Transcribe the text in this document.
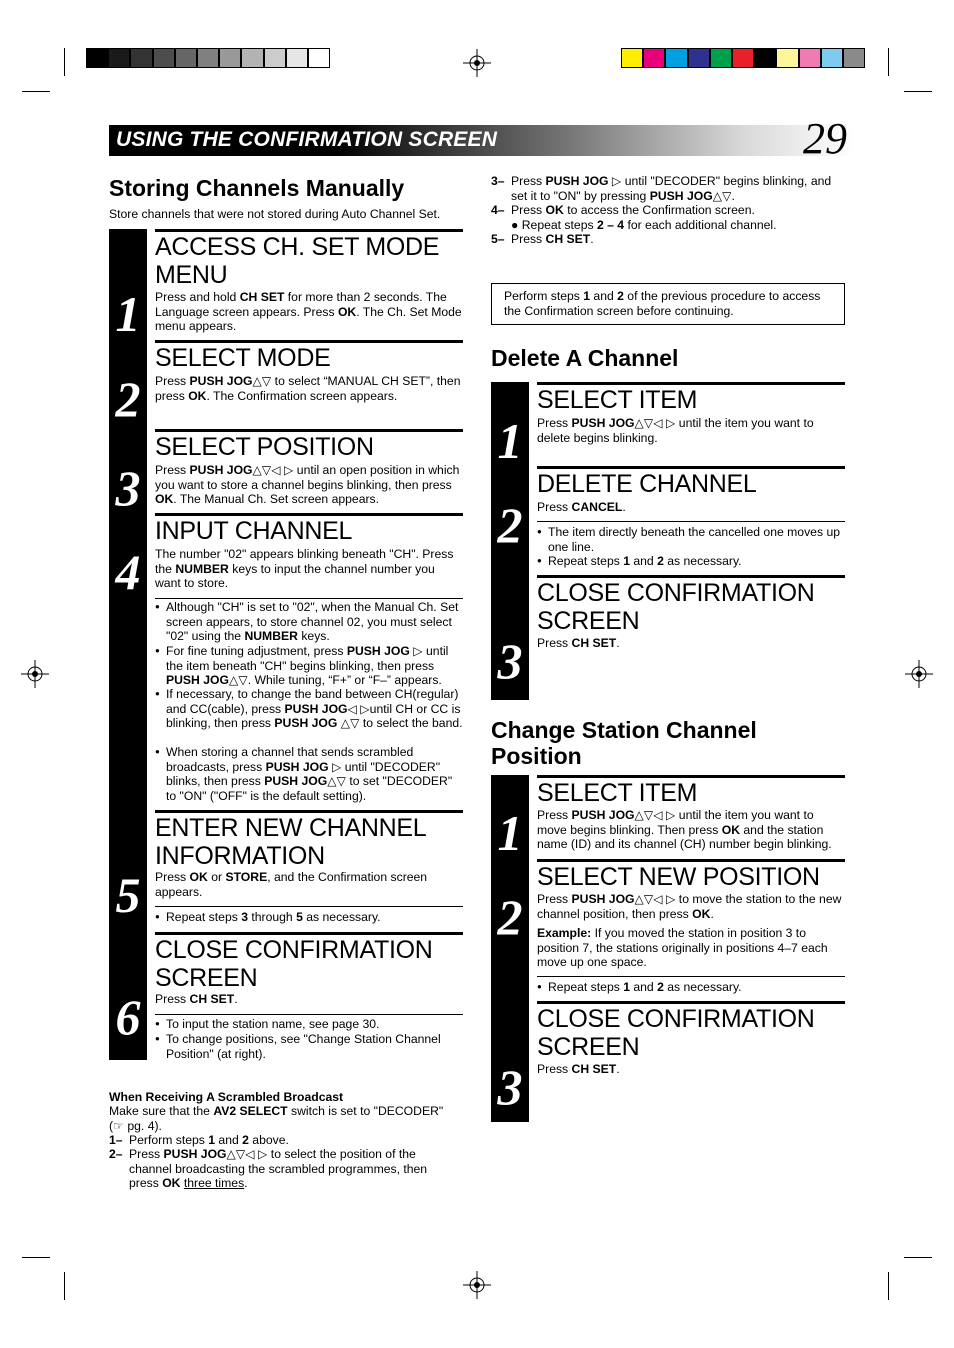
USING THE CONFIRMATION SCREEN	29
Storing Channels Manually
Store channels that were not stored during Auto Channel Set.
ACCESS CH. SET MODE MENU
Press and hold CH SET for more than 2 seconds. The Language screen appears. Press OK. The Ch. Set Mode menu appears.
1
SELECT MODE
Press PUSH JOG△▽ to select “MANUAL CH SET”, then press OK. The Confirmation screen appears.
2
SELECT POSITION
Press PUSH JOG△▽◁ ▷ until an open position in which you want to store a channel begins blinking, then press OK. The Manual Ch. Set screen appears.
3
INPUT CHANNEL
The number "02" appears blinking beneath "CH". Press the NUMBER keys to input the channel number you want to store.
4
● Although "CH" is set to "02", when the Manual Ch. Set screen appears, to store channel 02, you must select "02" using the NUMBER keys.
● For fine tuning adjustment, press PUSH JOG ▷ until the item beneath "CH" begins blinking, then press PUSH JOG△▽. While tuning, “F+” or “F–” appears.
● If necessary, to change the band between CH(regular) and CC(cable), press PUSH JOG◁ ▷until CH or CC is blinking, then press PUSH JOG △▽ to select the band.
● When storing a channel that sends scrambled broadcasts, press PUSH JOG ▷ until "DECODER" blinks, then press PUSH JOG△▽ to set "DECODER" to "ON" ("OFF" is the default setting).
ENTER NEW CHANNEL INFORMATION
Press OK or STORE, and the Confirmation screen appears.
5	● Repeat steps 3 through 5 as necessary.
CLOSE CONFIRMATION SCREEN
Press CH SET.
6	● To input the station name, see page 30.
● To change positions, see "Change Station Channel Position" (at right).
When Receiving A Scrambled Broadcast
Make sure that the AV2 SELECT switch is set to "DECODER" (☞ pg. 4).
1– Perform steps 1 and 2 above.
2– Press PUSH JOG△▽◁ ▷ to select the position of the channel broadcasting the scrambled programmes, then press OK three times.
3– Press PUSH JOG ▷ until "DECODER" begins blinking, and set it to "ON" by pressing PUSH JOG△▽.
4– Press OK to access the Confirmation screen.
● Repeat steps 2 – 4 for each additional channel.
5– Press CH SET.
Perform steps 1 and 2 of the previous procedure to access the Confirmation screen before continuing.
Delete A Channel
SELECT ITEM
Press PUSH JOG△▽◁ ▷ until the item you want to delete begins blinking.
1
DELETE CHANNEL
Press CANCEL.
2	● The item directly beneath the cancelled one moves up one line.
● Repeat steps 1 and 2 as necessary.
CLOSE CONFIRMATION SCREEN
Press CH SET.
3
Change Station Channel Position
SELECT ITEM
Press PUSH JOG△▽◁ ▷ until the item you want to move begins blinking. Then press OK and the station name (ID) and its channel (CH) number begin blinking.
1
SELECT NEW POSITION
Press PUSH JOG△▽◁ ▷ to move the station to the new channel position, then press OK.
2	Example: If you moved the station in position 3 to position 7, the stations originally in positions 4–7 each move up one space.
● Repeat steps 1 and 2 as necessary.
CLOSE CONFIRMATION SCREEN
Press CH SET.
3
